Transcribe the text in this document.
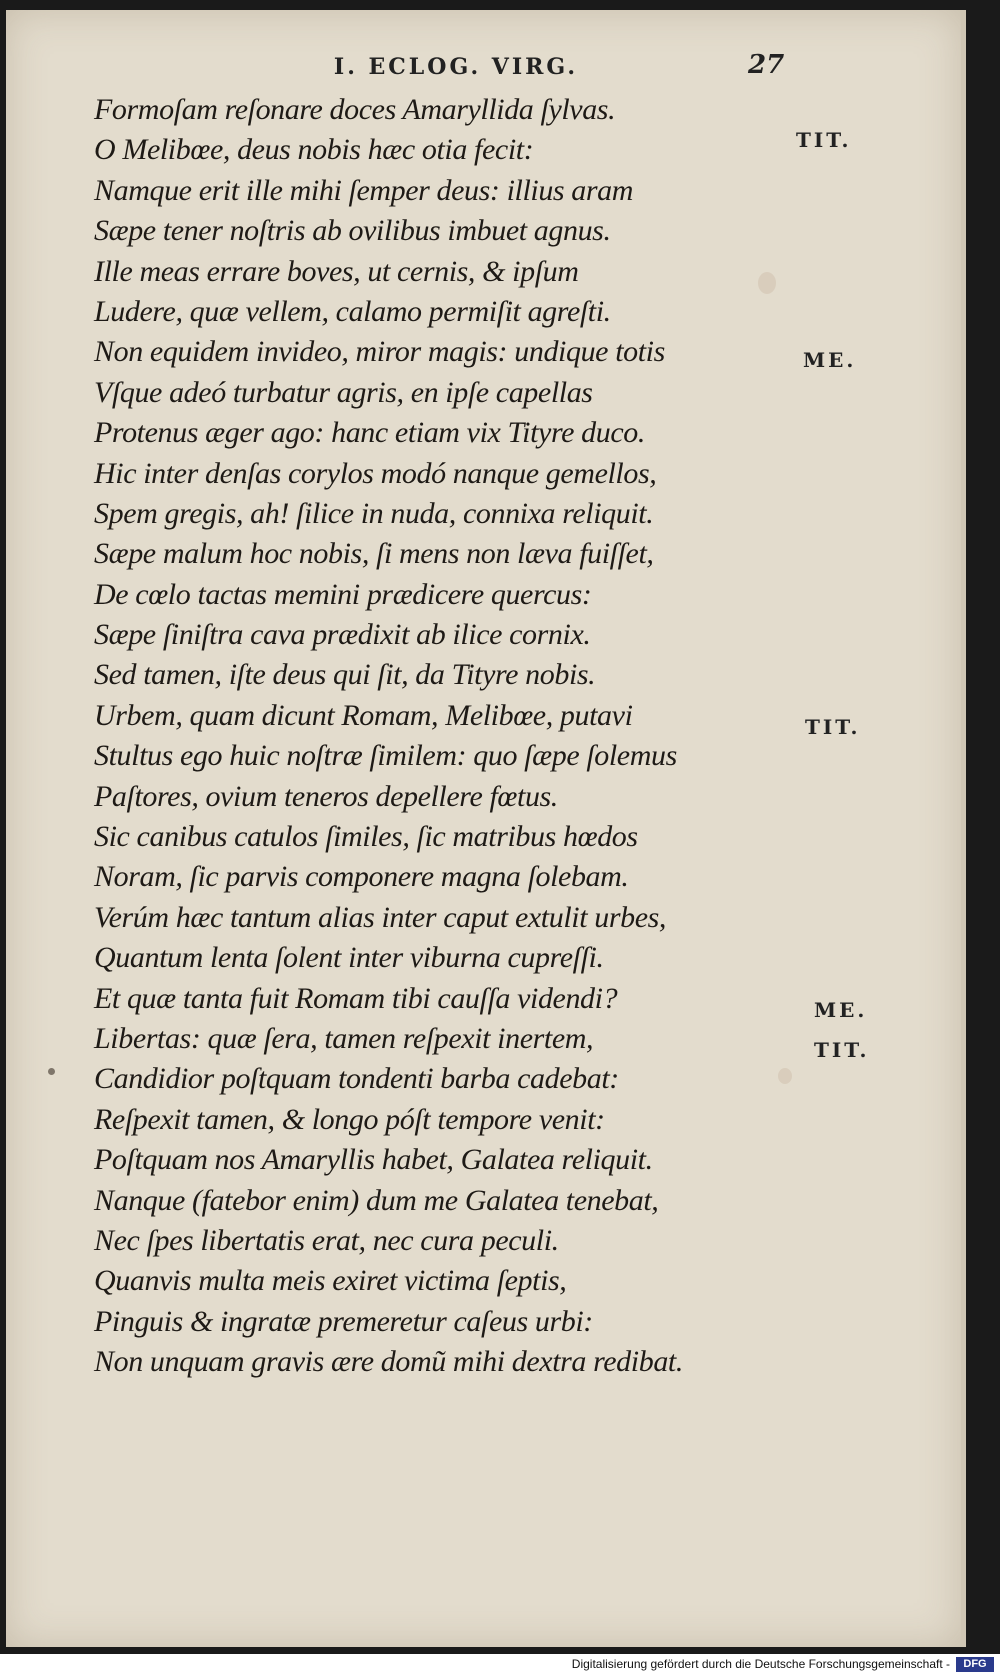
I. ECLOG. VIRG.	27
Formoſam reſonare doces Amaryllida ſylvas.
O Melibœe, deus nobis hæc otia fecit:
Namque erit ille mihi ſemper deus: illius aram
Sæpe tener noſtris ab ovilibus imbuet agnus.
Ille meas errare boves, ut cernis, & ipſum
Ludere, quæ vellem, calamo permiſit agreſti.
Non equidem invideo, miror magis: undique totis
Vſque adeó turbatur agris, en ipſe capellas
Protenus æger ago: hanc etiam vix Tityre duco.
Hic inter denſas corylos modó nanque gemellos,
Spem gregis, ah! ſilice in nuda, connixa reliquit.
Sæpe malum hoc nobis, ſi mens non læva fuiſſet,
De cœlo tactas memini prædicere quercus:
Sæpe ſiniſtra cava prædixit ab ilice cornix.
Sed tamen, iſte deus qui ſit, da Tityre nobis.
Urbem, quam dicunt Romam, Melibœe, putavi
Stultus ego huic noſtræ ſimilem: quo ſæpe ſolemus
Paſtores, ovium teneros depellere fœtus.
Sic canibus catulos ſimiles, ſic matribus hœdos
Noram, ſic parvis componere magna ſolebam.
Verúm hæc tantum alias inter caput extulit urbes,
Quantum lenta ſolent inter viburna cupreſſi.
Et quæ tanta fuit Romam tibi cauſſa videndi?
Libertas: quæ ſera, tamen reſpexit inertem,
Candidior poſtquam tondenti barba cadebat:
Reſpexit tamen, & longo póſt tempore venit:
Poſtquam nos Amaryllis habet, Galatea reliquit.
Nanque (fatebor enim) dum me Galatea tenebat,
Nec ſpes libertatis erat, nec cura peculi.
Quanvis multa meis exiret victima ſeptis,
Pinguis & ingratæ premeretur caſeus urbi:
Non unquam gravis ære domũ mihi dextra redibat.
TIT.
ME.
TIT.
ME.
TIT.
Digitalisierung gefördert durch die Deutsche Forschungsgemeinschaft -	DFG
